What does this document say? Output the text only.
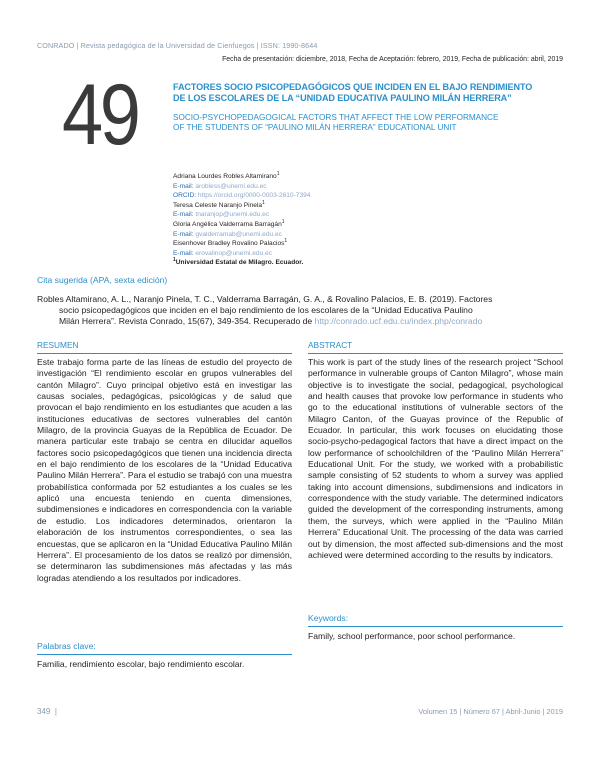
CONRADO | Revista pedagógica de la Universidad de Cienfuegos | ISSN: 1990-8644
Fecha de presentación: diciembre, 2018, Fecha de Aceptación: febrero, 2019, Fecha de publicación: abril, 2019
49	FACTORES SOCIO PSICOPEDAGÓGICOS QUE INCIDEN EN EL BAJO RENDIMIENTO
DE LOS ESCOLARES DE LA “UNIDAD EDUCATIVA PAULINO MILÁN HERRERA”
SOCIO-PSYCHOPEDAGOGICAL FACTORS THAT AFFECT THE LOW PERFORMANCE
OF THE STUDENTS OF “PAULINO MILÁN HERRERA” EDUCATIONAL UNIT
Adriana Lourdes Robles Altamirano$^1$
E-mail: arobless@unemi.edu.ec
ORCID: https://orcid.org/0000-0003-2610-7394
Teresa Celeste Naranjo Pinela$^1$
E-mail: tnaranjop@unemi.edu.ec
Gloria Angélica Valderrama Barragán$^1$
E-mail: gvalderramab@unemi.edu.ec
Eisenhover Bradley Rovalino Palacios$^1$
E-mail: erovalinop@unemi.edu.ec
$^1$Universidad Estatal de Milagro. Ecuador.
Cita sugerida (APA, sexta edición)
Robles Altamirano, A. L., Naranjo Pinela, T. C., Valderrama Barragán, G. A., & Rovalino Palacios, E. B. (2019). Factores
socio psicopedagógicos que inciden en el bajo rendimiento de los escolares de la “Unidad Educativa Paulino
Milán Herrera”. Revista Conrado, 15(67), 349-354. Recuperado de http://conrado.ucf.edu.cu/index.php/conrado
RESUMEN
Este trabajo forma parte de las líneas de estudio del proyecto de investigación “El rendimiento escolar en grupos vulnerables del cantón Milagro”. Cuyo principal objetivo está en investigar las causas sociales, pedagógicas, psicológicas y de salud que provocan el bajo rendimiento en los estudiantes que acuden a las instituciones educativas de sectores vulnerables del cantón Milagro, de la provincia Guayas de la República de Ecuador. De manera particular este trabajo se centra en dilucidar aquellos factores socio psicopedagógicos que tienen una incidencia directa en el bajo rendimiento de los escolares de la “Unidad Educativa Paulino Milán Herrera”. Para el estudio se trabajó con una muestra probabilística conformada por 52 estudiantes a los cuales se les aplicó una encuesta teniendo en cuenta dimensiones, subdimensiones e indicadores en correspondencia con la variable de estudio. Los indicadores determinados, orientaron la elaboración de los instrumentos correspondientes, o sea las encuestas, que se aplicaron en la “Unidad Educativa Paulino Milán Herrera”. El procesamiento de los datos se realizó por dimensión, se determinaron las subdimensiones más afectadas y las más logradas atendiendo a los resultados por indicadores.
Palabras clave:
Familia, rendimiento escolar, bajo rendimiento escolar.
ABSTRACT
This work is part of the study lines of the research project “School performance in vulnerable groups of Canton Milagro”, whose main objective is to investigate the social, pedagogical, psychological and health causes that provoke low performance in students who go to the educational institutions of vulnerable sectors of the Milagro Canton, of the Guayas province of the Republic of Ecuador. In particular, this work focuses on elucidating those socio-psycho-pedagogical factors that have a direct impact on the low performance of schoolchildren of the “Paulino Milán Herrera” Educational Unit. For the study, we worked with a probabilistic sample consisting of 52 students to whom a survey was applied taking into account dimensions, subdimensions and indicators in correspondence with the study variable. The determined indicators guided the development of the corresponding instruments, among them, the surveys, which were applied in the “Paulino Milán Herrera” Educational Unit. The processing of the data was carried out by dimension, the most affected sub-dimensions and the most achieved were determined according to the results by indicators.
Keywords:
Family, school performance, poor school performance.
349 |	Volumen 15 | Número 67 | Abril-Junio | 2019
